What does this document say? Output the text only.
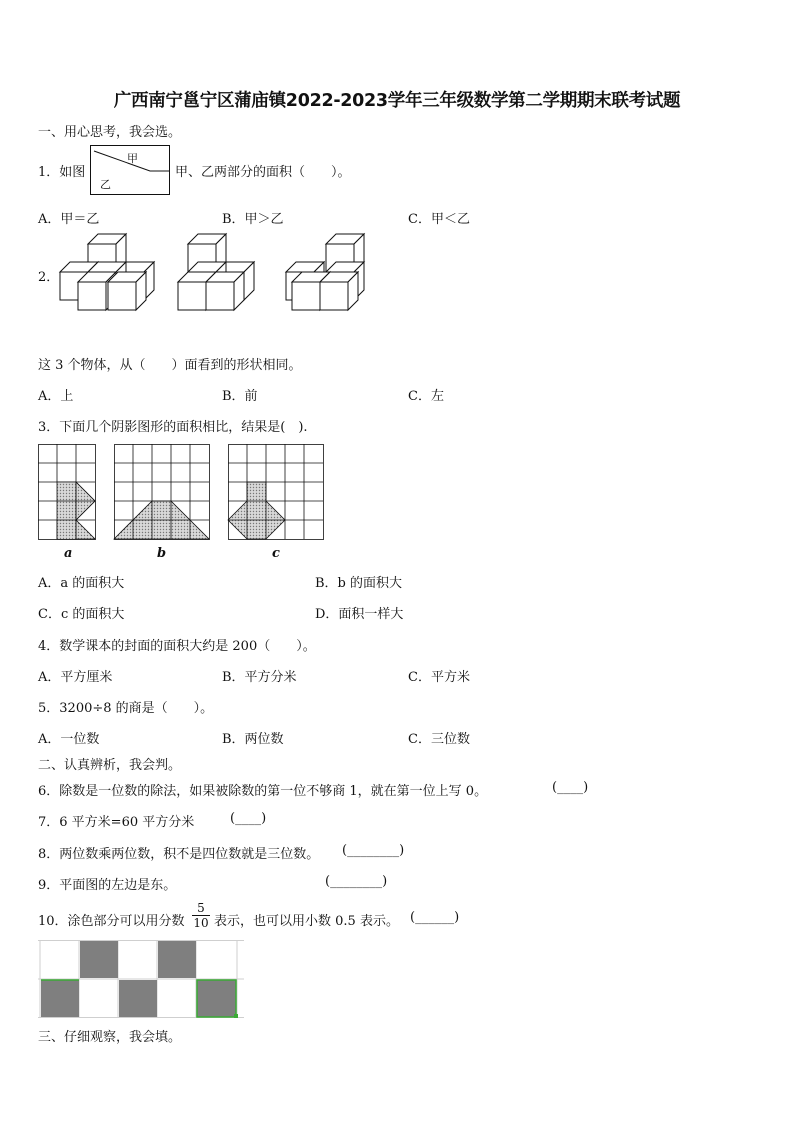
广西南宁邕宁区蒲庙镇2022-2023学年三年级数学第二学期期末联考试题
一、用心思考，我会选。
1．如图
甲
乙
甲、乙两部分的面积（　　）。
A．甲＝乙	B．甲＞乙	C．甲＜乙
2．
这 3 个物体，从（　　）面看到的形状相同。
A．上	B．前	C．左
3．下面几个阴影图形的面积相比，结果是(　).
a	b	c
A．a 的面积大	B．b 的面积大
C．c 的面积大	D．面积一样大
4．数学课本的封面的面积大约是 200（　　）。
A．平方厘米	B．平方分米	C．平方米
5．3200÷8 的商是（　　）。
A．一位数	B．两位数	C．三位数
二、认真辨析，我会判。
6．除数是一位数的除法，如果被除数的第一位不够商 1，就在第一位上写 0。	(____)
7．6 平方米=60 平方分米	(____)
8．两位数乘两位数，积不是四位数就是三位数。 (________)
9．平面图的左边是东。	(________)
10．涂色部分可以用分数 $\frac{5}{10}$ 表示，也可以用小数 0.5 表示。 (______)
三、仔细观察，我会填。
